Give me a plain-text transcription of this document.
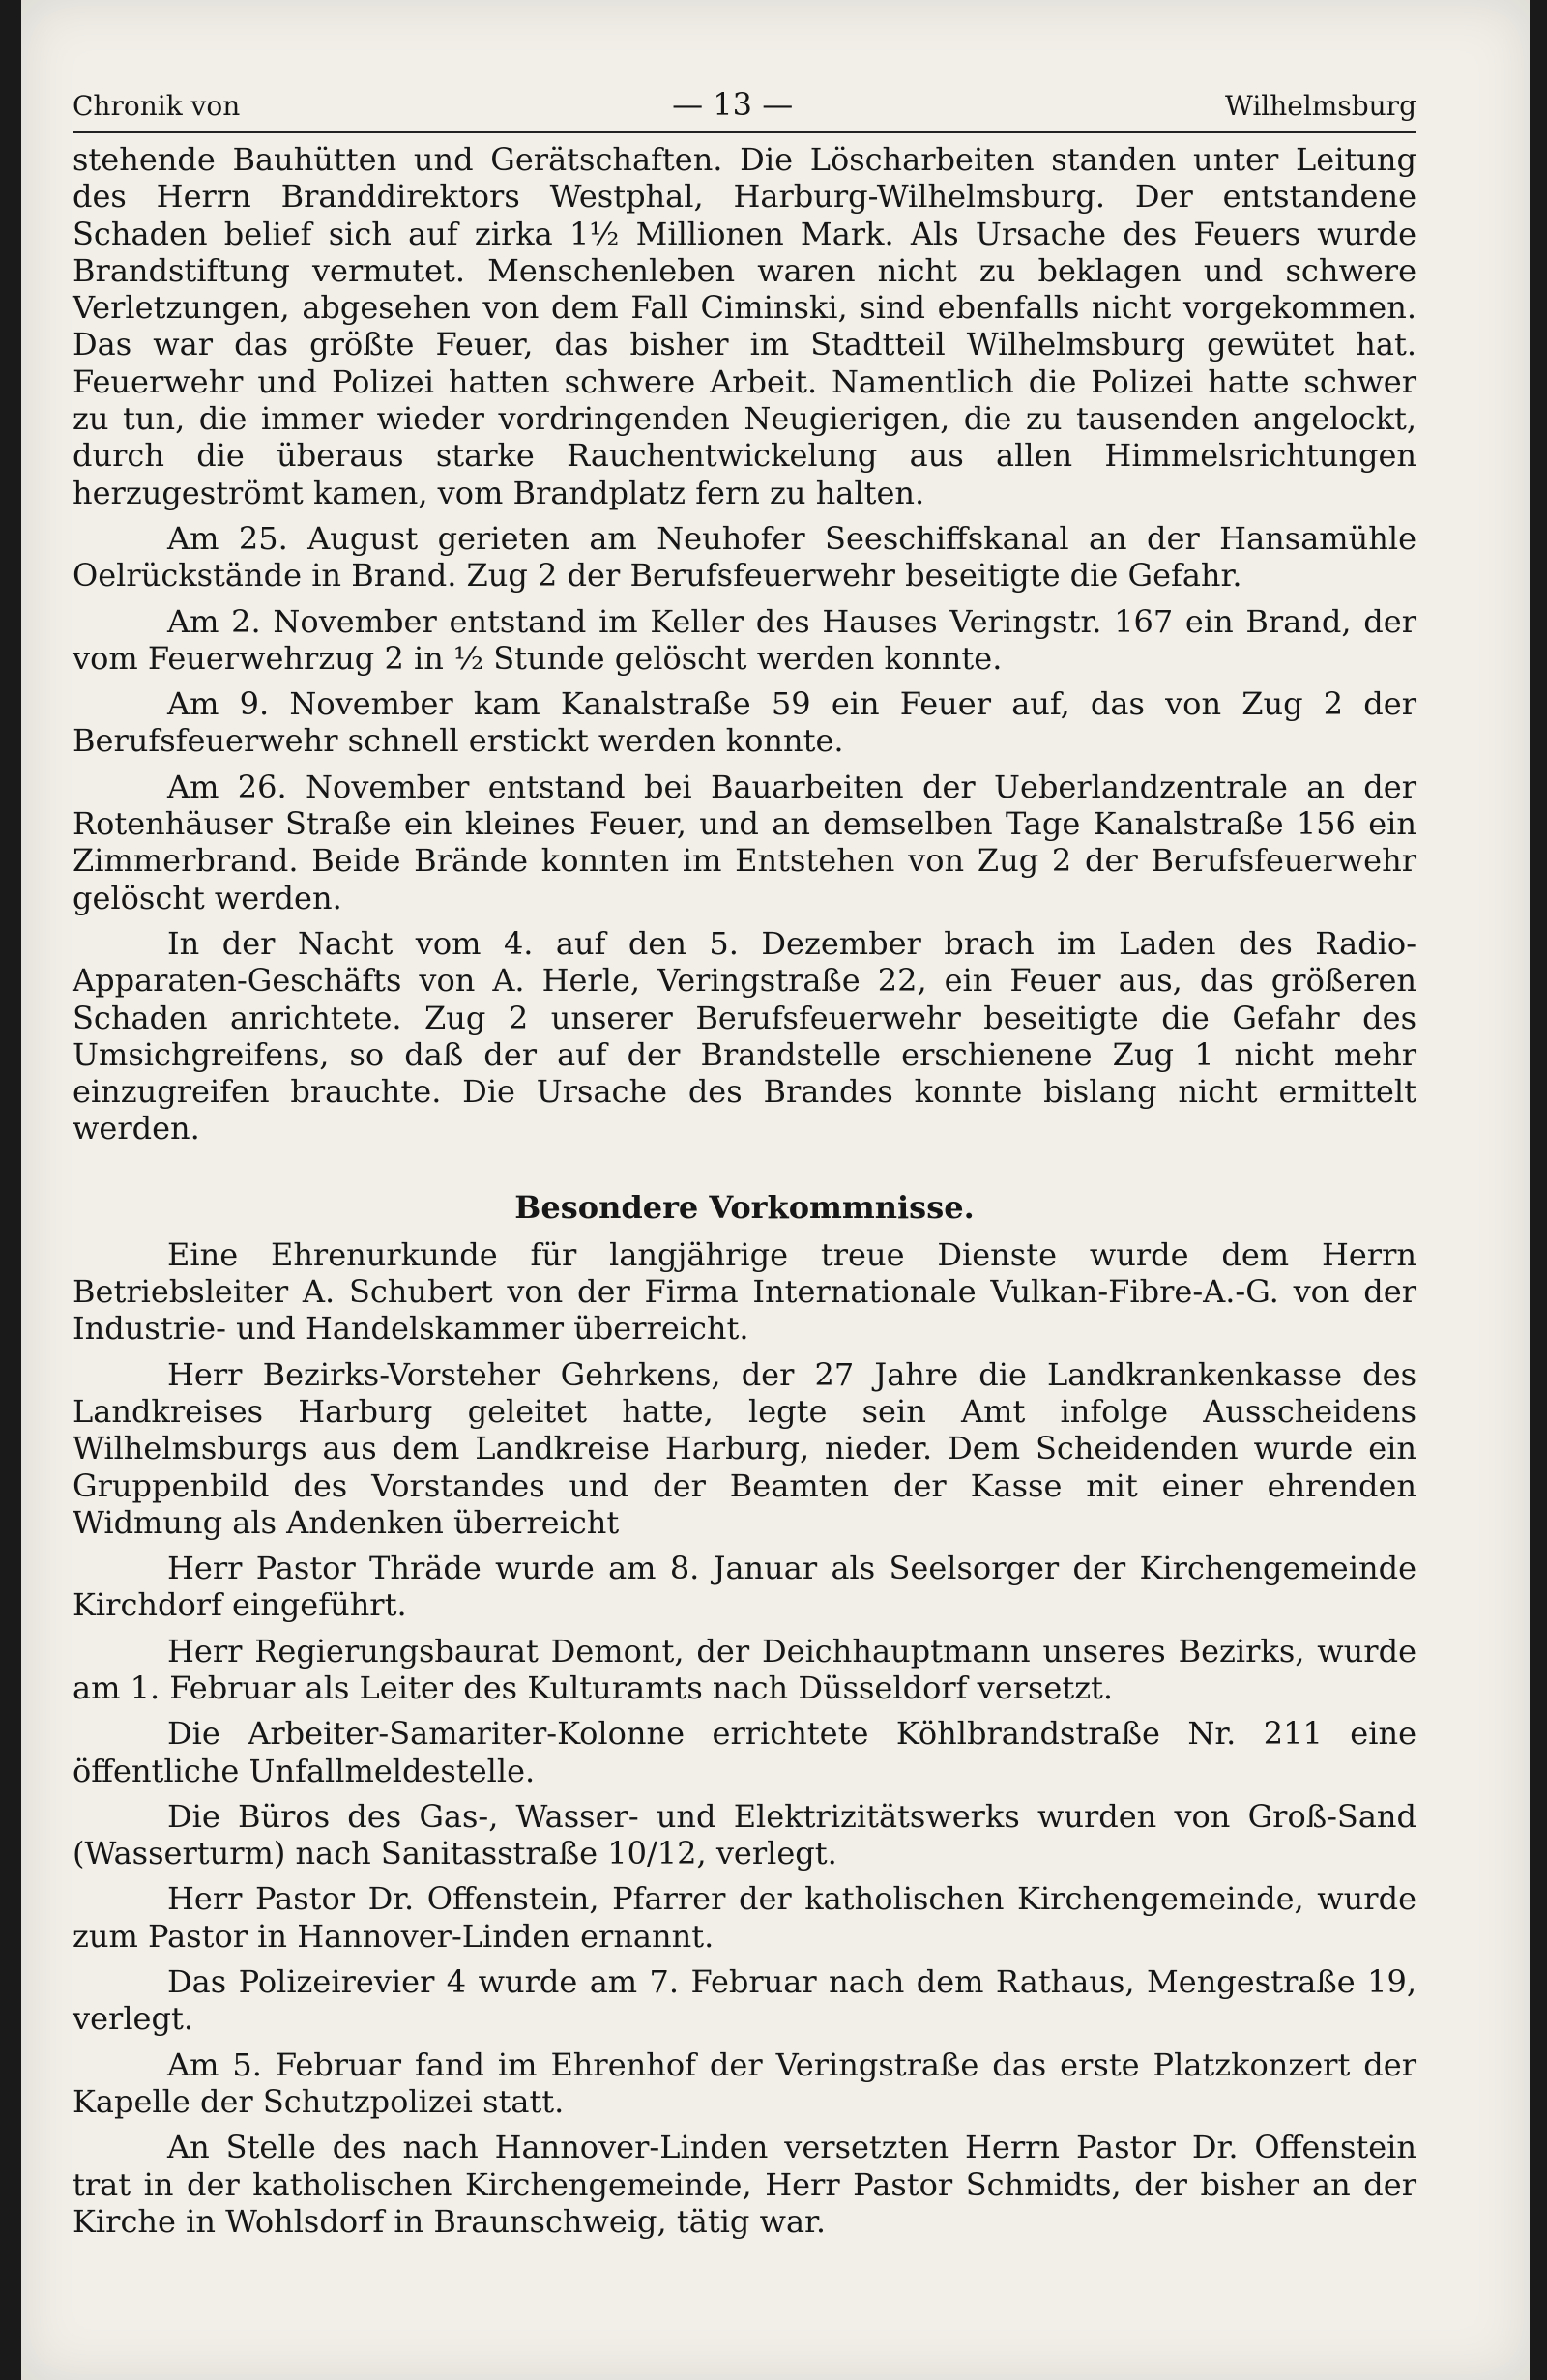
Chronik von	— 13 —	Wilhelmsburg

stehende Bauhütten und Gerätschaften. Die Löscharbeiten standen unter Leitung des Herrn Branddirektors Westphal, Harburg-Wilhelmsburg. Der entstandene Schaden belief sich auf zirka 1½ Millionen Mark. Als Ursache des Feuers wurde Brandstiftung vermutet. Menschenleben waren nicht zu beklagen und schwere Verletzungen, abgesehen von dem Fall Ciminski, sind ebenfalls nicht vorgekommen. Das war das größte Feuer, das bisher im Stadtteil Wilhelmsburg gewütet hat. Feuerwehr und Polizei hatten schwere Arbeit. Namentlich die Polizei hatte schwer zu tun, die immer wieder vordringenden Neugierigen, die zu tausenden angelockt, durch die überaus starke Rauchentwickelung aus allen Himmelsrichtungen herzugeströmt kamen, vom Brandplatz fern zu halten.

Am 25. August gerieten am Neuhofer Seeschiffskanal an der Hansamühle Oelrückstände in Brand. Zug 2 der Berufsfeuerwehr beseitigte die Gefahr.

Am 2. November entstand im Keller des Hauses Veringstr. 167 ein Brand, der vom Feuerwehrzug 2 in ½ Stunde gelöscht werden konnte.

Am 9. November kam Kanalstraße 59 ein Feuer auf, das von Zug 2 der Berufsfeuerwehr schnell erstickt werden konnte.

Am 26. November entstand bei Bauarbeiten der Ueberlandzentrale an der Rotenhäuser Straße ein kleines Feuer, und an demselben Tage Kanalstraße 156 ein Zimmerbrand. Beide Brände konnten im Entstehen von Zug 2 der Berufsfeuerwehr gelöscht werden.

In der Nacht vom 4. auf den 5. Dezember brach im Laden des Radio-Apparaten-Geschäfts von A. Herle, Veringstraße 22, ein Feuer aus, das größeren Schaden anrichtete. Zug 2 unserer Berufsfeuerwehr beseitigte die Gefahr des Umsichgreifens, so daß der auf der Brandstelle erschienene Zug 1 nicht mehr einzugreifen brauchte. Die Ursache des Brandes konnte bislang nicht ermittelt werden.

Besondere Vorkommnisse.

Eine Ehrenurkunde für langjährige treue Dienste wurde dem Herrn Betriebsleiter A. Schubert von der Firma Internationale Vulkan-Fibre-A.-G. von der Industrie- und Handelskammer überreicht.

Herr Bezirks-Vorsteher Gehrkens, der 27 Jahre die Landkrankenkasse des Landkreises Harburg geleitet hatte, legte sein Amt infolge Ausscheidens Wilhelmsburgs aus dem Landkreise Harburg, nieder. Dem Scheidenden wurde ein Gruppenbild des Vorstandes und der Beamten der Kasse mit einer ehrenden Widmung als Andenken überreicht

Herr Pastor Thräde wurde am 8. Januar als Seelsorger der Kirchengemeinde Kirchdorf eingeführt.

Herr Regierungsbaurat Demont, der Deichhauptmann unseres Bezirks, wurde am 1. Februar als Leiter des Kulturamts nach Düsseldorf versetzt.

Die Arbeiter-Samariter-Kolonne errichtete Köhlbrandstraße Nr. 211 eine öffentliche Unfallmeldestelle.

Die Büros des Gas-, Wasser- und Elektrizitätswerks wurden von Groß-Sand (Wasserturm) nach Sanitasstraße 10/12, verlegt.

Herr Pastor Dr. Offenstein, Pfarrer der katholischen Kirchengemeinde, wurde zum Pastor in Hannover-Linden ernannt.

Das Polizeirevier 4 wurde am 7. Februar nach dem Rathaus, Mengestraße 19, verlegt.

Am 5. Februar fand im Ehrenhof der Veringstraße das erste Platzkonzert der Kapelle der Schutzpolizei statt.

An Stelle des nach Hannover-Linden versetzten Herrn Pastor Dr. Offenstein trat in der katholischen Kirchengemeinde, Herr Pastor Schmidts, der bisher an der Kirche in Wohlsdorf in Braunschweig, tätig war.
